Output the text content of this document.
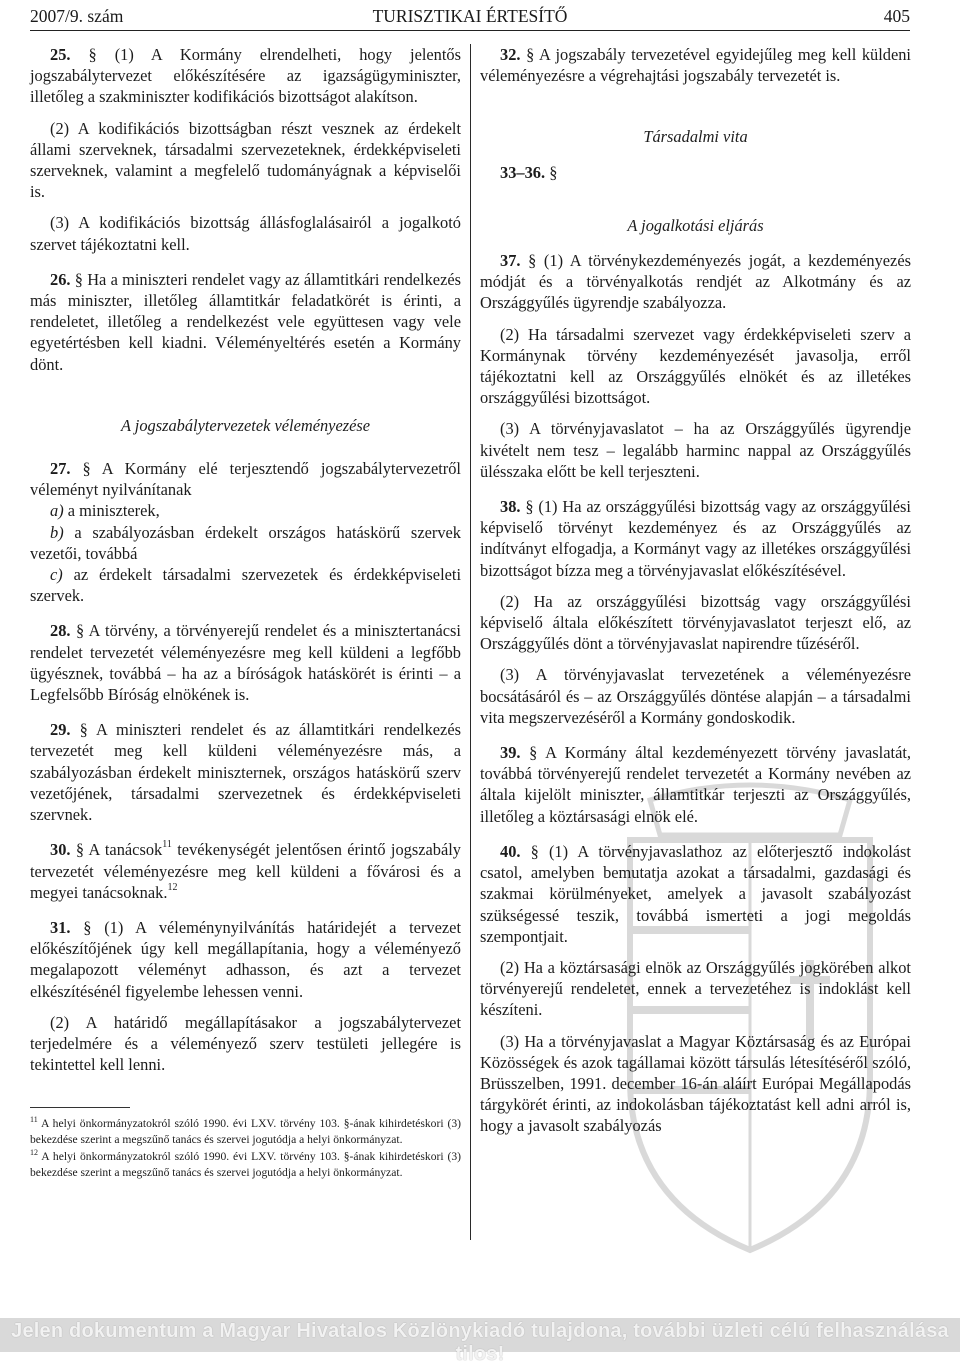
2007/9. szám	TURISZTIKAI ÉRTESÍTŐ	405

25. § (1) A Kormány elrendelheti, hogy jelentős jogszabálytervezet előkészítésére az igazságügyminiszter, illetőleg a szakminiszter kodifikációs bizottságot alakítson.

(2) A kodifikációs bizottságban részt vesznek az érdekelt állami szerveknek, társadalmi szervezeteknek, érdekképviseleti szerveknek, valamint a megfelelő tudományágnak a képviselői is.

(3) A kodifikációs bizottság állásfoglalásairól a jogalkotó szervet tájékoztatni kell.

26. § Ha a miniszteri rendelet vagy az államtitkári rendelkezés más miniszter, illetőleg államtitkár feladatkörét is érinti, a rendeletet, illetőleg a rendelkezést vele együttesen vagy vele egyetértésben kell kiadni. Véleményeltérés esetén a Kormány dönt.

A jogszabálytervezetek véleményezése

27. § A Kormány elé terjesztendő jogszabálytervezetről véleményt nyilvánítanak

a) a miniszterek,

b) a szabályozásban érdekelt országos hatáskörű szervek vezetői, továbbá

c) az érdekelt társadalmi szervezetek és érdekképviseleti szervek.

28. § A törvény, a törvényerejű rendelet és a minisztertanácsi rendelet tervezetét véleményezésre meg kell küldeni a legfőbb ügyésznek, továbbá – ha az a bíróságok hatáskörét is érinti – a Legfelsőbb Bíróság elnökének is.

29. § A miniszteri rendelet és az államtitkári rendelkezés tervezetét meg kell küldeni véleményezésre más, a szabályozásban érdekelt miniszternek, országos hatáskörű szerv vezetőjének, társadalmi szervezetnek és érdekképviseleti szervnek.

30. § A tanácsok$^{11}$ tevékenységét jelentősen érintő jogszabály tervezetét véleményezésre meg kell küldeni a fővárosi és a megyei tanácsoknak.$^{12}$

31. § (1) A véleménynyilvánítás határidejét a tervezet előkészítőjének úgy kell megállapítania, hogy a véleményező megalapozott véleményt adhasson, és azt a tervezet elkészítésénél figyelembe lehessen venni.

(2) A határidő megállapításakor a jogszabálytervezet terjedelmére és a véleményező szerv testületi jellegére is tekintettel kell lenni.

$^{11}$ A helyi önkormányzatokról szóló 1990. évi LXV. törvény 103. §-ának kihirdetéskori (3) bekezdése szerint a megszűnő tanács és szervei jogutódja a helyi önkormányzat.

$^{12}$ A helyi önkormányzatokról szóló 1990. évi LXV. törvény 103. §-ának kihirdetéskori (3) bekezdése szerint a megszűnő tanács és szervei jogutódja a helyi önkormányzat.

32. § A jogszabály tervezetével egyidejűleg meg kell küldeni véleményezésre a végrehajtási jogszabály tervezetét is.

Társadalmi vita

33–36. §

A jogalkotási eljárás

37. § (1) A törvénykezdeményezés jogát, a kezdeményezés módját és a törvényalkotás rendjét az Alkotmány és az Országgyűlés ügyrendje szabályozza.

(2) Ha társadalmi szervezet vagy érdekképviseleti szerv a Kormánynak törvény kezdeményezését javasolja, erről tájékoztatni kell az Országgyűlés elnökét és az illetékes országgyűlési bizottságot.

(3) A törvényjavaslatot – ha az Országgyűlés ügyrendje kivételt nem tesz – legalább harminc nappal az Országgyűlés ülésszaka előtt be kell terjeszteni.

38. § (1) Ha az országgyűlési bizottság vagy az országgyűlési képviselő törvényt kezdeményez és az Országgyűlés az indítványt elfogadja, a Kormányt vagy az illetékes országgyűlési bizottságot bízza meg a törvényjavaslat előkészítésével.

(2) Ha az országgyűlési bizottság vagy országgyűlési képviselő általa előkészített törvényjavaslatot terjeszt elő, az Országgyűlés dönt a törvényjavaslat napirendre tűzéséről.

(3) A törvényjavaslat tervezetének a véleményezésre bocsátásáról és – az Országgyűlés döntése alapján – a társadalmi vita megszervezéséről a Kormány gondoskodik.

39. § A Kormány által kezdeményezett törvény javaslatát, továbbá törvényerejű rendelet tervezetét a Kormány nevében az általa kijelölt miniszter, államtitkár terjeszti az Országgyűlés, illetőleg a köztársasági elnök elé.

40. § (1) A törvényjavaslathoz az előterjesztő indokolást csatol, amelyben bemutatja azokat a társadalmi, gazdasági és szakmai körülményeket, amelyek a javasolt szabályozást szükségessé teszik, továbbá ismerteti a jogi megoldás szempontjait.

(2) Ha a köztársasági elnök az Országgyűlés jogkörében alkot törvényerejű rendeletet, ennek a tervezetéhez is indoklást kell készíteni.

(3) Ha a törvényjavaslat a Magyar Köztársaság és az Európai Közösségek és azok tagállamai között társulás létesítéséről szóló, Brüsszelben, 1991. december 16-án aláírt Európai Megállapodás tárgykörét érinti, az indokolásban tájékoztatást kell adni arról is, hogy a javasolt szabályozás

Jelen dokumentum a Magyar Hivatalos Közlönykiadó tulajdona, további üzleti célú felhasználása tilos!
